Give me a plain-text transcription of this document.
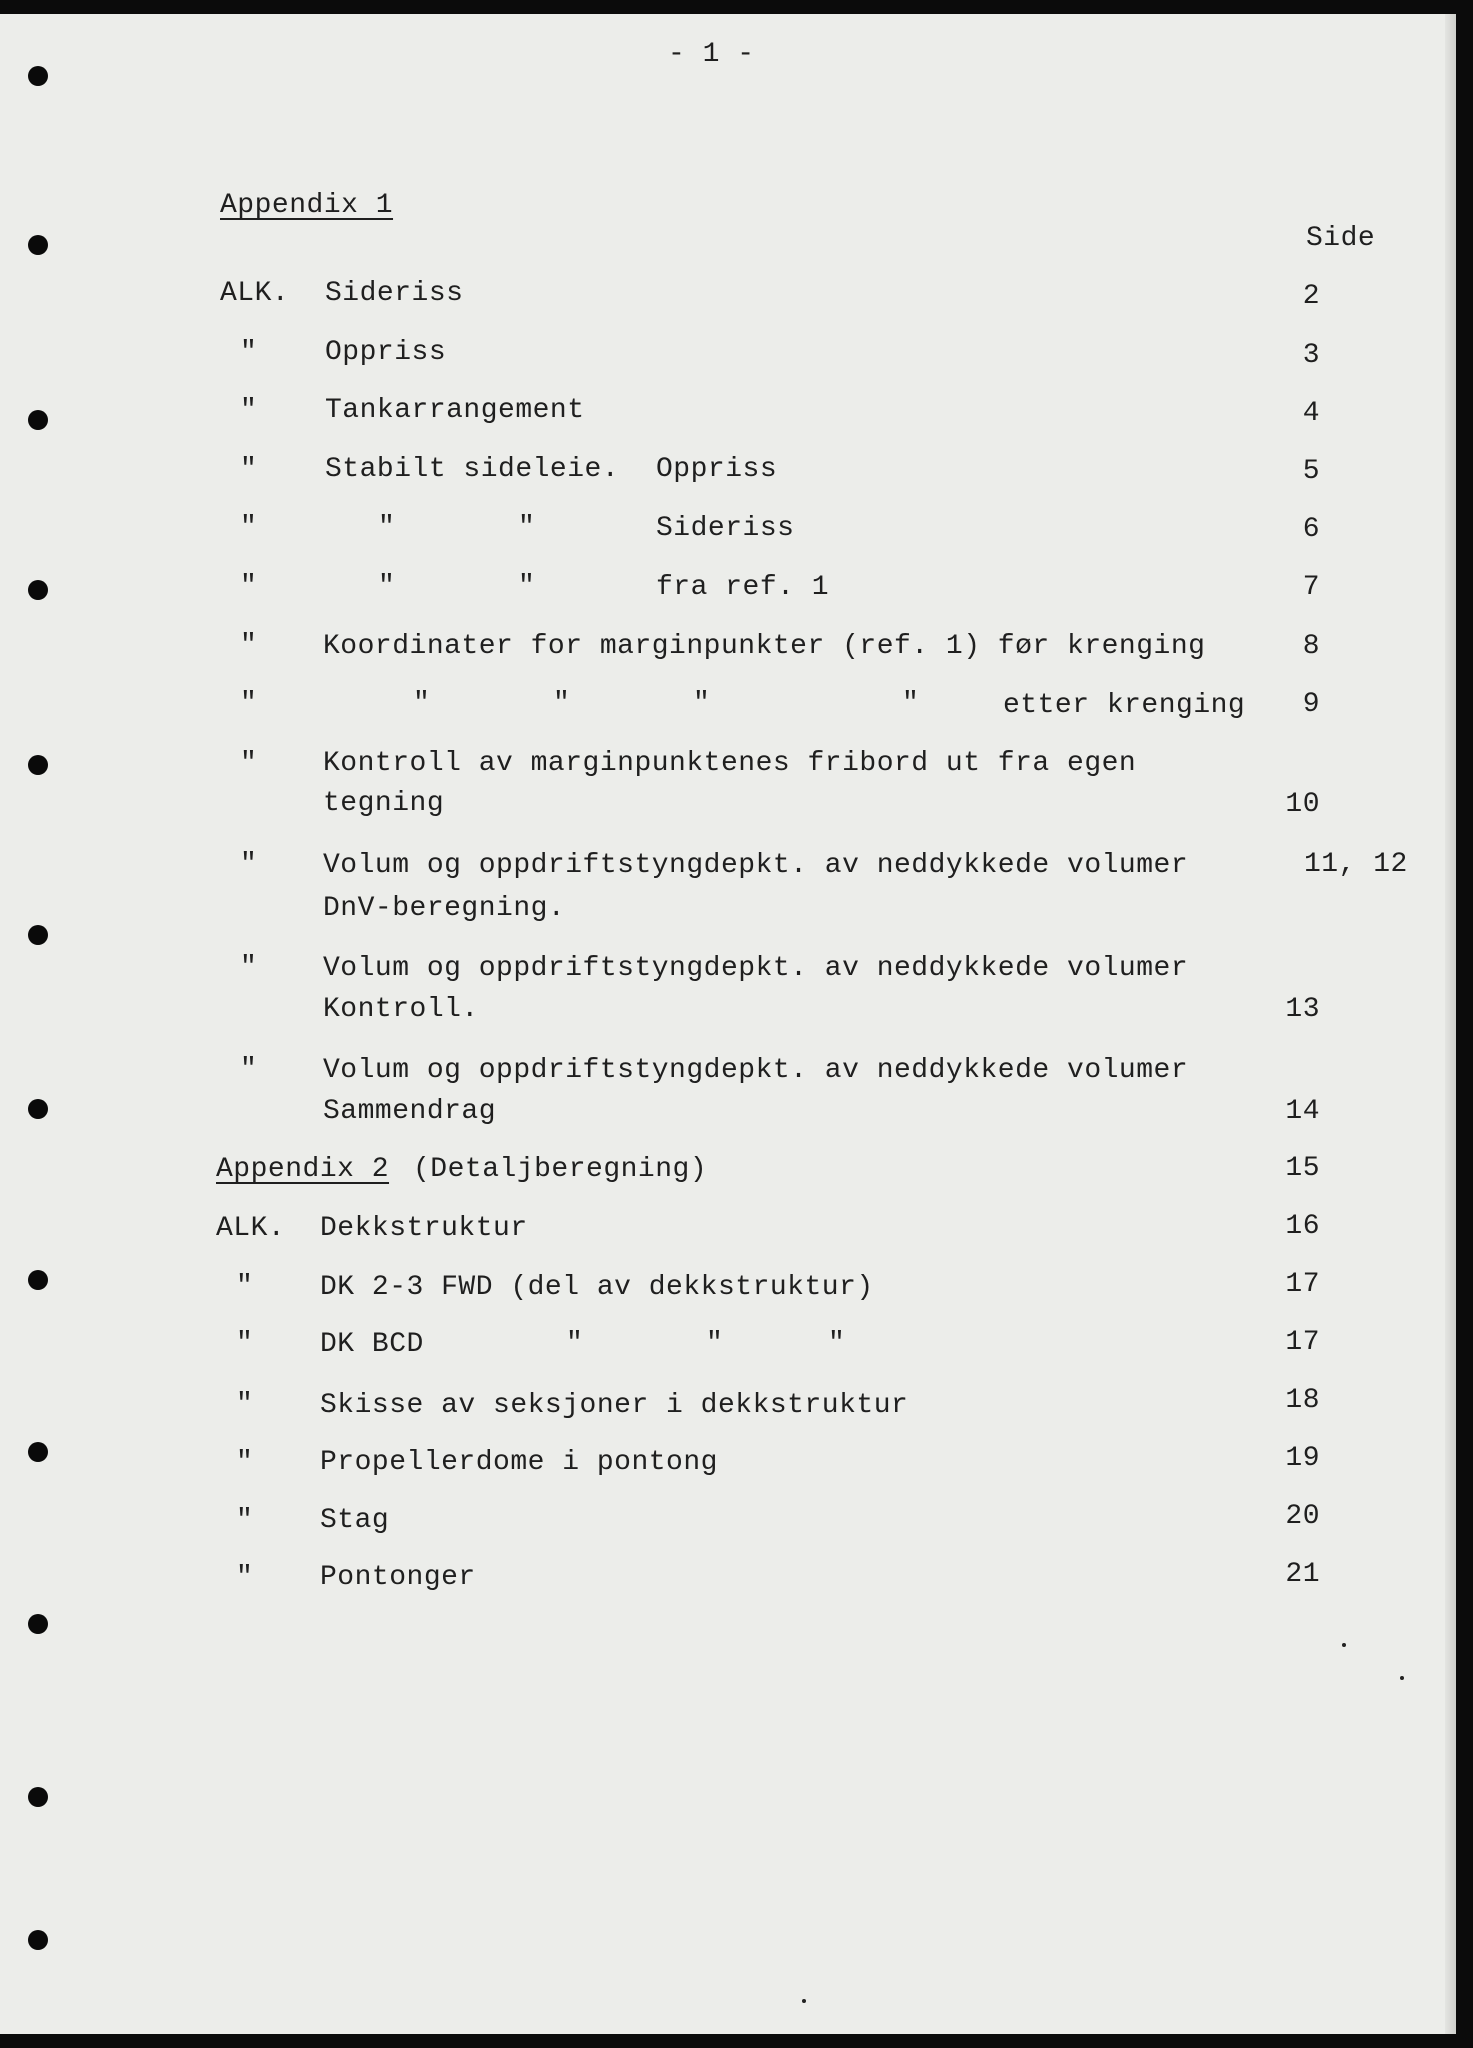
- 1 -
Appendix 1
Side
ALK. Sideriss	2
" Oppriss	3
" Tankarrangement	4
" Stabilt sideleie. Oppriss	5
"	"	"	Sideriss	6
"	"	"	fra ref. 1	7
" Koordinater for marginpunkter (ref. 1) før krenging	8
"	"	"	"	"	etter krenging	9
" Kontroll av marginpunktenes fribord ut fra egen
tegning	10
" Volum og oppdriftstyngdepkt. av neddykkede volumer
DnV-beregning.
11, 12
" Volum og oppdriftstyngdepkt. av neddykkede volumer
Kontroll.	13
" Volum og oppdriftstyngdepkt. av neddykkede volumer
Sammendrag	14
Appendix 2 (Detaljberegning)	15
ALK. Dekkstruktur	16
" DK 2-3 FWD (del av dekkstruktur)	17
" DK BCD	"	"	"	17
" Skisse av seksjoner i dekkstruktur	18
" Propellerdome i pontong	19
" Stag	20
" Pontonger	21
